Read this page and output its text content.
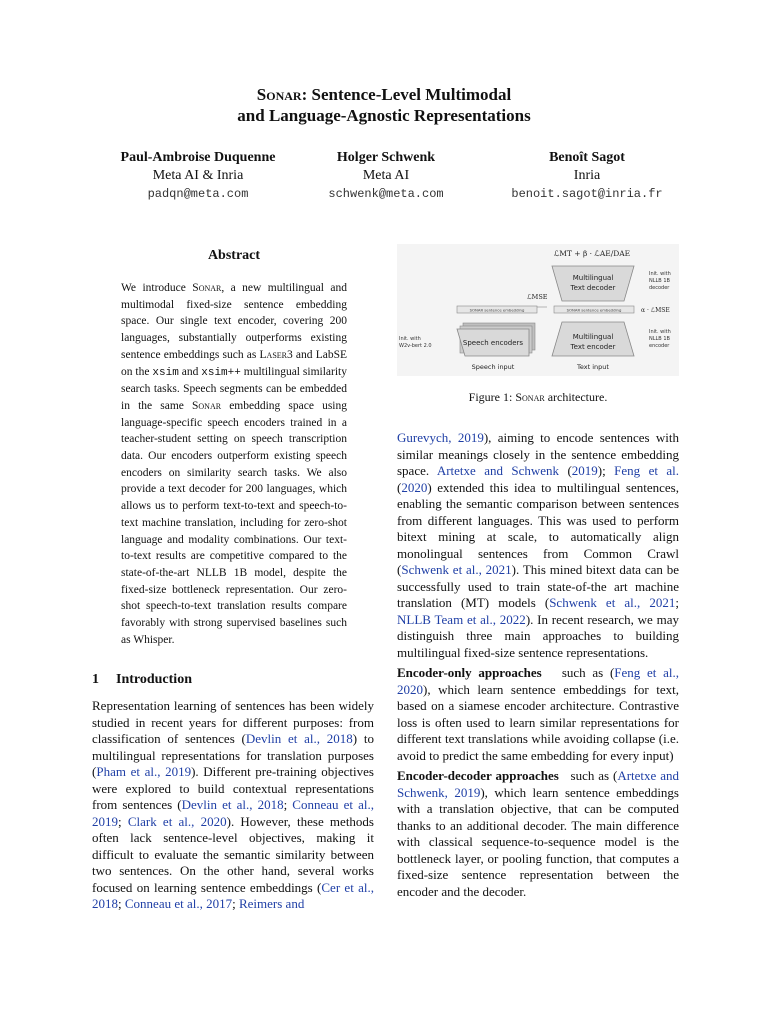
Sonar: Sentence-Level Multimodal
and Language-Agnostic Representations
Paul-Ambroise Duquenne
Meta AI & Inria
padqn@meta.com
Holger Schwenk
Meta AI
schwenk@meta.com
Benoît Sagot
Inria
benoit.sagot@inria.fr
Abstract
We introduce Sonar, a new multilingual and multimodal fixed-size sentence embedding space. Our single text encoder, covering 200 languages, substantially outperforms existing sentence embeddings such as Laser3 and LabSE on the xsim and xsim++ multilingual similarity search tasks. Speech segments can be embedded in the same Sonar embedding space using language-specific speech encoders trained in a teacher-student setting on speech transcription data. Our encoders outperform existing speech encoders on similarity search tasks. We also provide a text decoder for 200 languages, which allows us to perform text-to-text and speech-to-text machine translation, including for zero-shot language and modality combinations. Our text-to-text results are competitive compared to the state-of-the-art NLLB 1B model, despite the fixed-size bottleneck representation. Our zero-shot speech-to-text translation results compare favorably with strong supervised baselines such as Whisper.
1 Introduction
Representation learning of sentences has been widely studied in recent years for different purposes: from classification of sentences (Devlin et al., 2018) to multilingual representations for translation purposes (Pham et al., 2019). Different pre-training objectives were explored to build contextual representations from sentences (Devlin et al., 2018; Conneau et al., 2019; Clark et al., 2020). However, these methods often lack sentence-level objectives, making it difficult to evaluate the semantic similarity between two sentences. On the other hand, several works focused on learning sentence embeddings (Cer et al., 2018; Conneau et al., 2017; Reimers and
ℒMT + β · ℒAE/DAE
Multilingual
Text decoder
Init. with
NLLB 1B
decoder
ℒMSE
SONAR sentence embedding	SONAR sentence embedding	α · ℒMSE
Speech encoders
Init. with
W2v-bert 2.0
Multilingual
Text encoder
Init. with
NLLB 1B
encoder
Speech input	Text input
Figure 1: Sonar architecture.

Gurevych, 2019), aiming to encode sentences with similar meanings closely in the sentence embedding space. Artetxe and Schwenk (2019); Feng et al. (2020) extended this idea to multilingual sentences, enabling the semantic comparison between sentences from different languages. This was used to perform bitext mining at scale, to automatically align monolingual sentences from Common Crawl (Schwenk et al., 2021). This mined bitext data can be successfully used to train state-of-the art machine translation (MT) models (Schwenk et al., 2021; NLLB Team et al., 2022). In recent research, we may distinguish three main approaches to building multilingual fixed-size sentence representations.

Encoder-only approaches   such as (Feng et al., 2020), which learn sentence embeddings for text, based on a siamese encoder architecture. Contrastive loss is often used to learn similar representations for different text translations while avoiding collapse (i.e. avoid to predict the same embedding for every input)

Encoder-decoder approaches   such as (Artetxe and Schwenk, 2019), which learn sentence embeddings with a translation objective, that can be computed thanks to an additional decoder. The main difference with classical sequence-to-sequence model is the bottleneck layer, or pooling function, that computes a fixed-size sentence representation between the encoder and the decoder.
